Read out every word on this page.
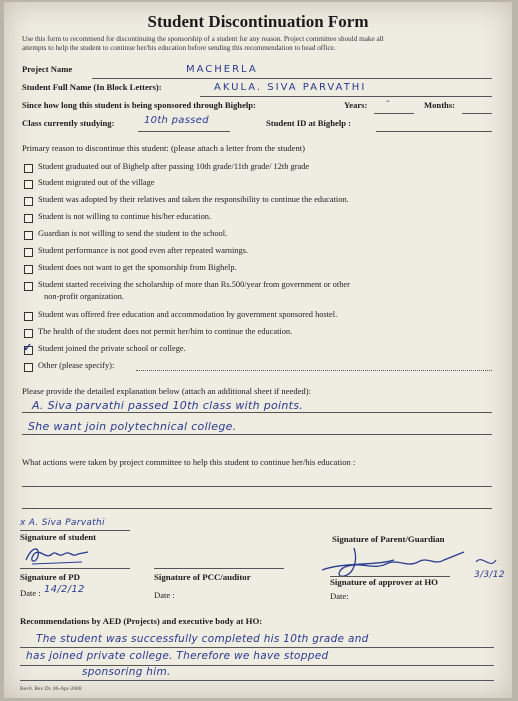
Student Discontinuation Form
Use this form to recommend for discontinuing the sponsorship of a student for any reason. Project committee should make all
attempts to help the student to continue her/his education before sending this recommendation to head office.
Project Name	MACHERLA
Student Full Name (In Block Letters):	AKULA. SIVA PARVATHI
Since how long this student is being sponsored through Bighelp:	Years: -	Months:
Class currently studying:	10th passed	Student ID at Bighelp :
Primary reason to discontinue this student: (please attach a letter from the student)
Student graduated out of Bighelp after passing 10th grade/11th grade/ 12th grade
Student migrated out of the village
Student was adopted by their relatives and taken the responsibility to continue the education.
Student is not willing to continue his/her education.
Guardian is not willing to send the student to the school.
Student performance is not good even after repeated warnings.
Student does not want to get the sponsorship from Bighelp.
Student started receiving the scholarship of more than Rs.500/year from government or other
non-profit organization.
Student was offered free education and accommodation by government sponsored hostel.
The health of the student does not permit her/him to continue the education.
✓ Student joined the private school or college.
Other (please specify):
Please provide the detailed explanation below (attach an additional sheet if needed):
A. Siva parvathi passed 10th class with points.
She want join polytechnical college.
What actions were taken by project committee to help this student to continue her/his education :
x A. Siva Parvathi
Signature of student	Signature of Parent/Guardian
Signature of PD
Date : 14/2/12
Signature of PCC/auditor
Date :
Signature of approver at HO
3/3/12
Date:
Recommendations by AED (Projects) and executive body at HO:
The student was successfully completed his 10th grade and
has joined private college. Therefore we have stopped
sponsoring him.
Rev0. Rev Dt. 06-Apr-2008
